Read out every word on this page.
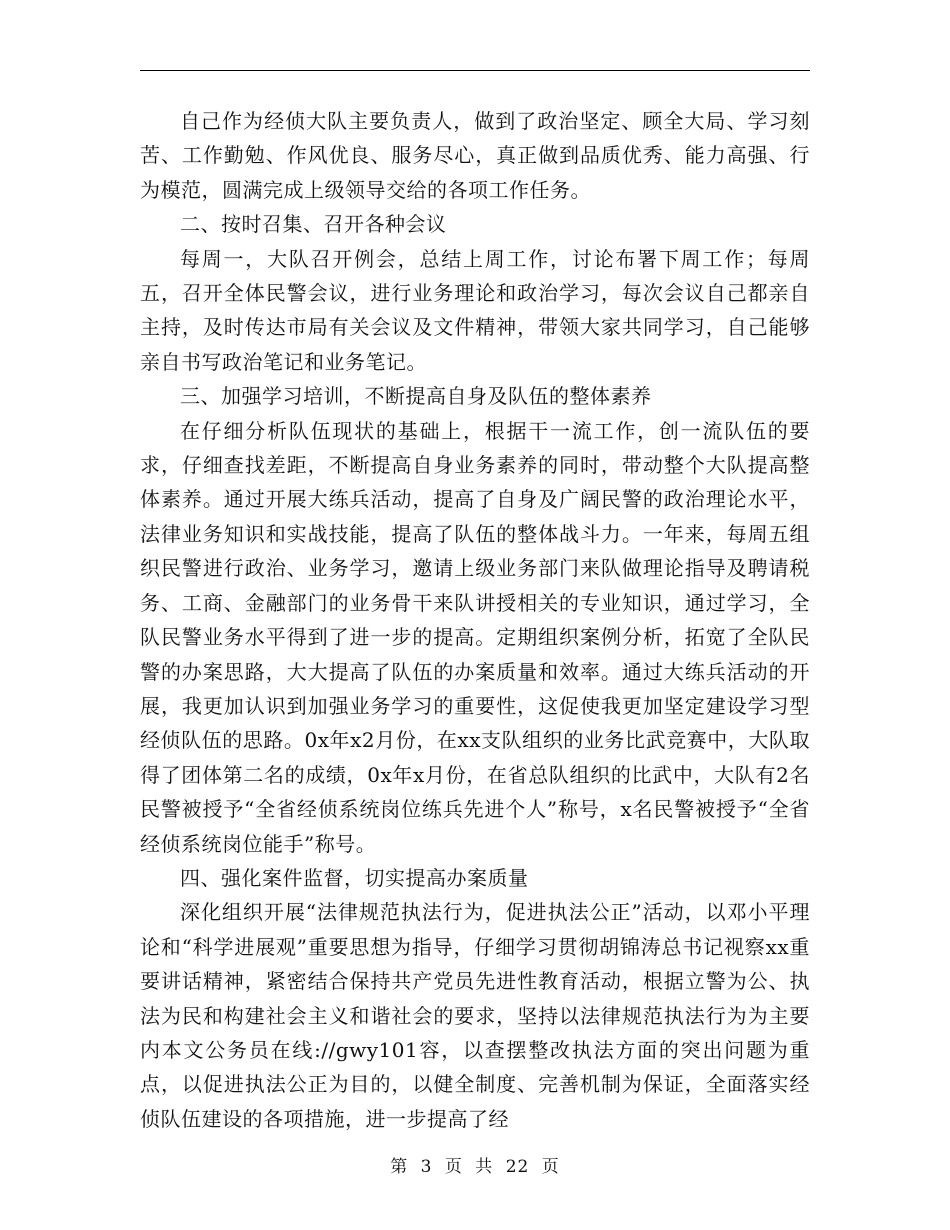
自己作为经侦大队主要负责人，做到了政治坚定、顾全大局、学习刻苦、工作勤勉、作风优良、服务尽心，真正做到品质优秀、能力高强、行为模范，圆满完成上级领导交给的各项工作任务。

二、按时召集、召开各种会议

每周一，大队召开例会，总结上周工作，讨论布署下周工作；每周五，召开全体民警会议，进行业务理论和政治学习，每次会议自己都亲自主持，及时传达市局有关会议及文件精神，带领大家共同学习，自己能够亲自书写政治笔记和业务笔记。

三、加强学习培训，不断提高自身及队伍的整体素养

在仔细分析队伍现状的基础上，根据干一流工作，创一流队伍的要求，仔细查找差距，不断提高自身业务素养的同时，带动整个大队提高整体素养。通过开展大练兵活动，提高了自身及广阔民警的政治理论水平，法律业务知识和实战技能，提高了队伍的整体战斗力。一年来，每周五组织民警进行政治、业务学习，邀请上级业务部门来队做理论指导及聘请税务、工商、金融部门的业务骨干来队讲授相关的专业知识，通过学习，全队民警业务水平得到了进一步的提高。定期组织案例分析，拓宽了全队民警的办案思路，大大提高了队伍的办案质量和效率。通过大练兵活动的开展，我更加认识到加强业务学习的重要性，这促使我更加坚定建设学习型经侦队伍的思路。0x年x2月份，在xx支队组织的业务比武竞赛中，大队取得了团体第二名的成绩，0x年x月份，在省总队组织的比武中，大队有2名民警被授予“全省经侦系统岗位练兵先进个人”称号，x名民警被授予“全省经侦系统岗位能手”称号。

四、强化案件监督，切实提高办案质量

深化组织开展“法律规范执法行为，促进执法公正”活动，以邓小平理论和“科学进展观”重要思想为指导，仔细学习贯彻胡锦涛总书记视察xx重要讲话精神，紧密结合保持共产党员先进性教育活动，根据立警为公、执法为民和构建社会主义和谐社会的要求，坚持以法律规范执法行为为主要内本文公务员在线://gwy101容，以查摆整改执法方面的突出问题为重点，以促进执法公正为目的，以健全制度、完善机制为保证，全面落实经侦队伍建设的各项措施，进一步提高了经

第 3 页 共 22 页
